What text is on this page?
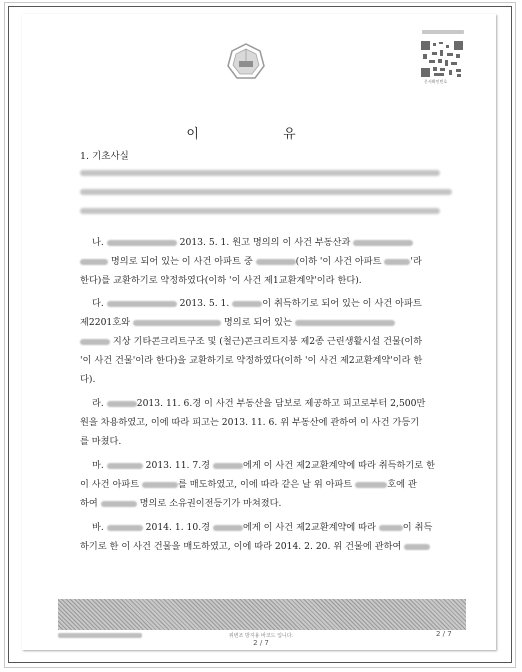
문서확인번호
이 유
1. 기초사실
나.	2013. 5. 1. 원고 명의의 이 사건 부동산과
명의로 되어 있는 이 사건 아파트 중	(이하 '이 사건 아파트	'라
한다)를 교환하기로 약정하였다(이하 '이 사건 제1교환계약'이라 한다).
다.	2013. 5. 1.	이 취득하기로 되어 있는 이 사건 아파트
제2201호와	명의로 되어 있는
지상 기타콘크리트구조 및 (철근)콘크리트지붕 제2종 근린생활시설 건물(이하
'이 사건 건물'이라 한다)을 교환하기로 약정하였다(이하 '이 사건 제2교환계약'이라 한
다).
라.	2013. 11. 6.경 이 사건 부동산을 담보로 제공하고 피고로부터 2,500만
원을 차용하였고, 이에 따라 피고는 2013. 11. 6. 위 부동산에 관하여 이 사건 가등기
를 마쳤다.
마.	2013. 11. 7.경	에게 이 사건 제2교환계약에 따라 취득하기로 한
이 사건 아파트	를 매도하였고, 이에 따라 같은 날 위 아파트	호에 관
하여	명의로 소유권이전등기가 마쳐졌다.
바.	2014. 1. 10.경	에게 이 사건 제2교환계약에 따라	이 취득
하기로 한 이 사건 건물을 매도하였고, 이에 따라 2014. 2. 20. 위 건물에 관하여
위변조 방지용 바코드 입니다.
2 / 7
2 / 7
